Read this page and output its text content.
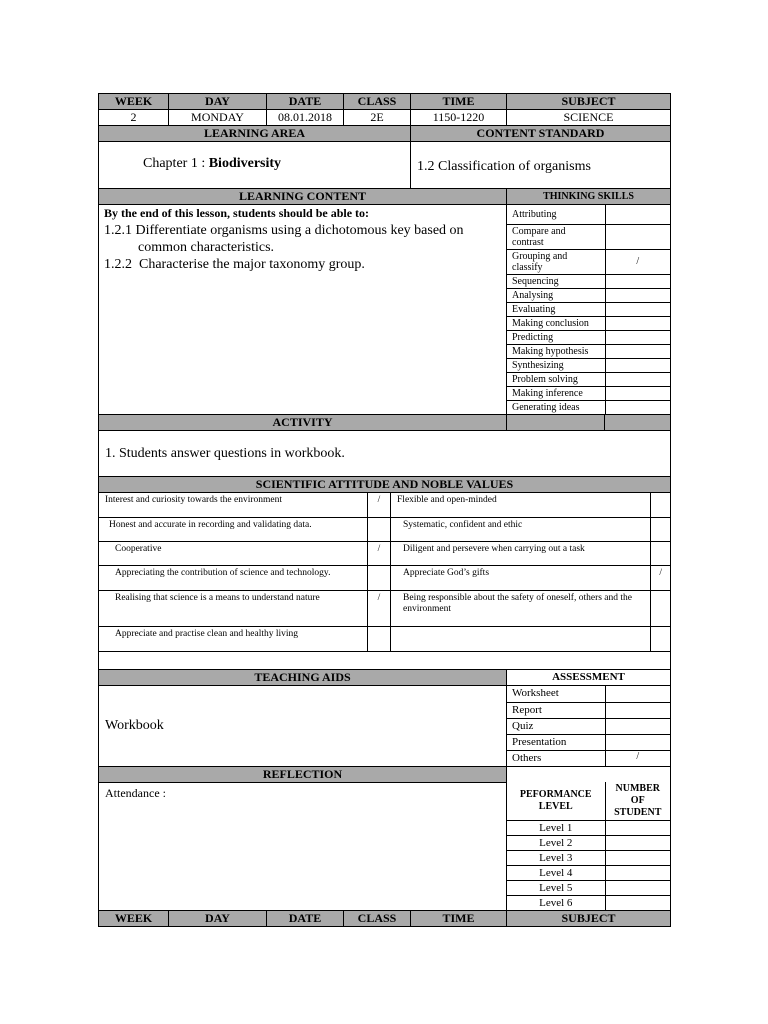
WEEK	DAY	DATE	CLASS	TIME	SUBJECT
2	MONDAY	08.01.2018	2E	1150-1220	SCIENCE
LEARNING AREA	CONTENT STANDARD
Chapter 1 : Biodiversity	1.2 Classification of organisms
LEARNING CONTENT	THINKING SKILLS

By the end of this lesson, students should be able to:
1.2.1 Differentiate organisms using a dichotomous key based on
common characteristics.
1.2.2 Characterise the major taxonomy group.

Attributing	
Compare and contrast	
Grouping and classify	/
Sequencing	
Analysing	
Evaluating	
Making conclusion	
Predicting	
Making hypothesis	
Synthesizing	
Problem solving	
Making inference	
Generating ideas	

ACTIVITY		
1. Students answer questions in workbook.
SCIENTIFIC ATTITUDE AND NOBLE VALUES

Interest and curiosity towards the environment	/	Flexible and open-minded	
Honest and accurate in recording and validating data.		Systematic, confident and ethic	
Cooperative	/	Diligent and persevere when carrying out a task	
Appreciating the contribution of science and technology.		Appreciate God’s gifts	/
Realising that science is a means to understand nature	/	Being responsible about the safety of oneself, others and the environment	
Appreciate and practise clean and healthy living			

TEACHING AIDS	ASSESSMENT
Workbook	
Worksheet	
Report	
Quiz	
Presentation	
Others	/

REFLECTION	
Attendance :		PEFORMANCE LEVEL	NUMBER OF STUDENT
Level 1	
Level 2	
Level 3	
Level 4	
Level 5	
Level 6	

WEEK	DAY	DATE	CLASS	TIME	SUBJECT
